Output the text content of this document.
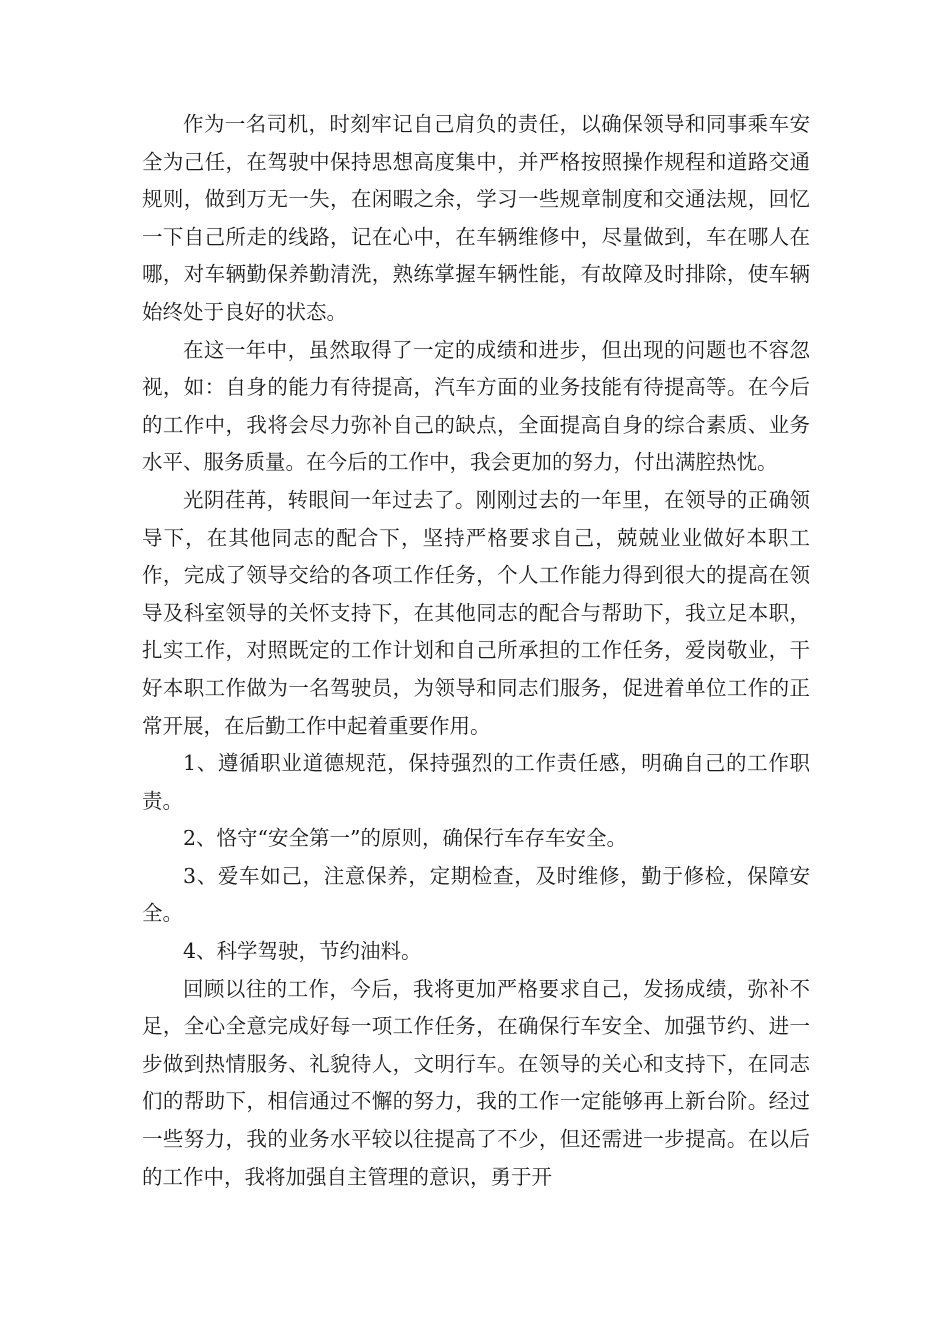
作为一名司机，时刻牢记自己肩负的责任，以确保领导和同事乘车安全为己任，在驾驶中保持思想高度集中，并严格按照操作规程和道路交通规则，做到万无一失，在闲暇之余，学习一些规章制度和交通法规，回忆一下自己所走的线路，记在心中，在车辆维修中，尽量做到，车在哪人在哪，对车辆勤保养勤清洗，熟练掌握车辆性能，有故障及时排除，使车辆始终处于良好的状态。

在这一年中，虽然取得了一定的成绩和进步，但出现的问题也不容忽视，如：自身的能力有待提高，汽车方面的业务技能有待提高等。在今后的工作中，我将会尽力弥补自己的缺点，全面提高自身的综合素质、业务水平、服务质量。在今后的工作中，我会更加的努力，付出满腔热忱。

光阴荏苒，转眼间一年过去了。刚刚过去的一年里，在领导的正确领导下，在其他同志的配合下，坚持严格要求自己，兢兢业业做好本职工作，完成了领导交给的各项工作任务，个人工作能力得到很大的提高在领导及科室领导的关怀支持下，在其他同志的配合与帮助下，我立足本职，扎实工作，对照既定的工作计划和自己所承担的工作任务，爱岗敬业，干好本职工作做为一名驾驶员，为领导和同志们服务，促进着单位工作的正常开展，在后勤工作中起着重要作用。

1、遵循职业道德规范，保持强烈的工作责任感，明确自己的工作职责。

2、恪守“安全第一”的原则，确保行车存车安全。

3、爱车如己，注意保养，定期检查，及时维修，勤于修检，保障安全。

4、科学驾驶，节约油料。

回顾以往的工作，今后，我将更加严格要求自己，发扬成绩，弥补不足，全心全意完成好每一项工作任务，在确保行车安全、加强节约、进一步做到热情服务、礼貌待人，文明行车。在领导的关心和支持下，在同志们的帮助下，相信通过不懈的努力，我的工作一定能够再上新台阶。经过一些努力，我的业务水平较以往提高了不少，但还需进一步提高。在以后的工作中，我将加强自主管理的意识，勇于开
